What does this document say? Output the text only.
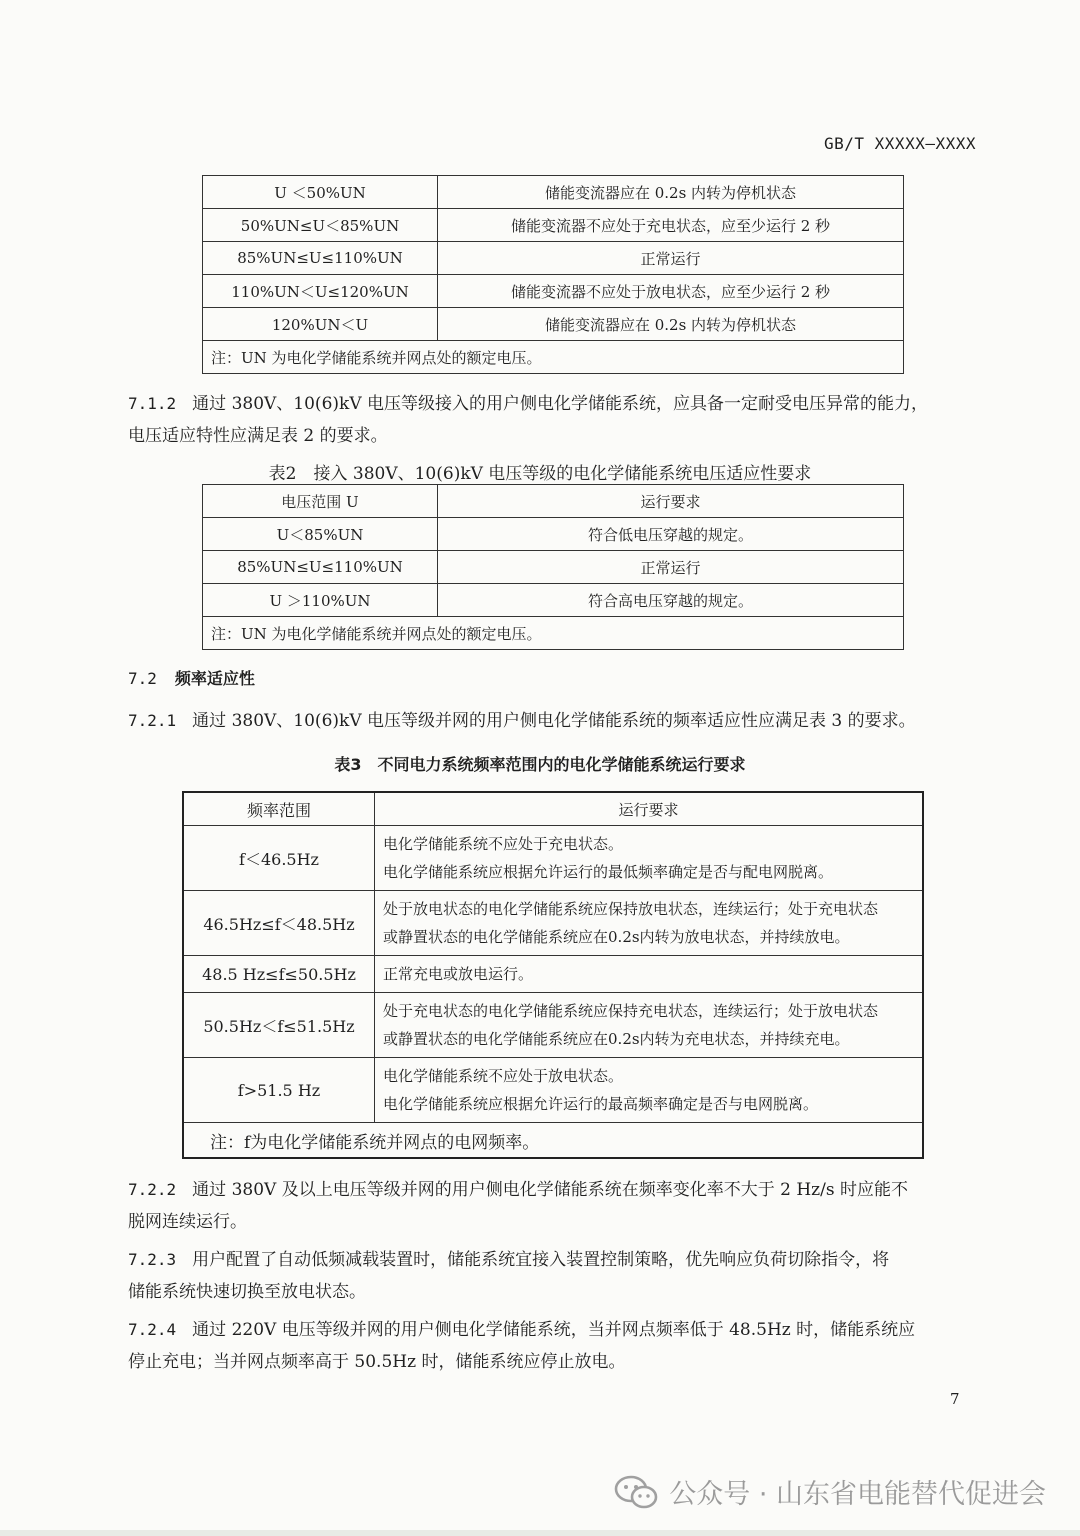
GB/T XXXXX—XXXX
U ＜50%UN	储能变流器应在 0.2s 内转为停机状态
50%UN≤U＜85%UN	储能变流器不应处于充电状态，应至少运行 2 秒
85%UN≤U≤110%UN	正常运行
110%UN＜U≤120%UN	储能变流器不应处于放电状态，应至少运行 2 秒
120%UN＜U	储能变流器应在 0.2s 内转为停机状态
注：UN 为电化学储能系统并网点处的额定电压。	
7.1.2 通过 380V、10(6)kV 电压等级接入的用户侧电化学储能系统，应具备一定耐受电压异常的能力，
电压适应特性应满足表 2 的要求。
表2　接入 380V、10(6)kV 电压等级的电化学储能系统电压适应性要求
电压范围 U	运行要求
U＜85%UN	符合低电压穿越的规定。
85%UN≤U≤110%UN	正常运行
U ＞110%UN	符合高电压穿越的规定。
注：UN 为电化学储能系统并网点处的额定电压。	
7.2 频率适应性
7.2.1 通过 380V、10(6)kV 电压等级并网的用户侧电化学储能系统的频率适应性应满足表 3 的要求。
表3　不同电力系统频率范围内的电化学储能系统运行要求
频率范围	运行要求
f＜46.5Hz	电化学储能系统不应处于充电状态。
电化学储能系统应根据允许运行的最低频率确定是否与配电网脱离。

46.5Hz≤f＜48.5Hz	处于放电状态的电化学储能系统应保持放电状态，连续运行；处于充电状态
或静置状态的电化学储能系统应在0.2s内转为放电状态，并持续放电。

48.5 Hz≤f≤50.5Hz	正常充电或放电运行。

50.5Hz＜f≤51.5Hz	处于充电状态的电化学储能系统应保持充电状态，连续运行；处于放电状态
或静置状态的电化学储能系统应在0.2s内转为充电状态，并持续充电。

f>51.5 Hz	电化学储能系统不应处于放电状态。
电化学储能系统应根据允许运行的最高频率确定是否与电网脱离。

注：f为电化学储能系统并网点的电网频率。	
7.2.2 通过 380V 及以上电压等级并网的用户侧电化学储能系统在频率变化率不大于 2 Hz/s 时应能不
脱网连续运行。
7.2.3 用户配置了自动低频减载装置时，储能系统宜接入装置控制策略，优先响应负荷切除指令，将
储能系统快速切换至放电状态。
7.2.4 通过 220V 电压等级并网的用户侧电化学储能系统，当并网点频率低于 48.5Hz 时，储能系统应
停止充电；当并网点频率高于 50.5Hz 时，储能系统应停止放电。
7
公众号 · 山东省电能替代促进会
